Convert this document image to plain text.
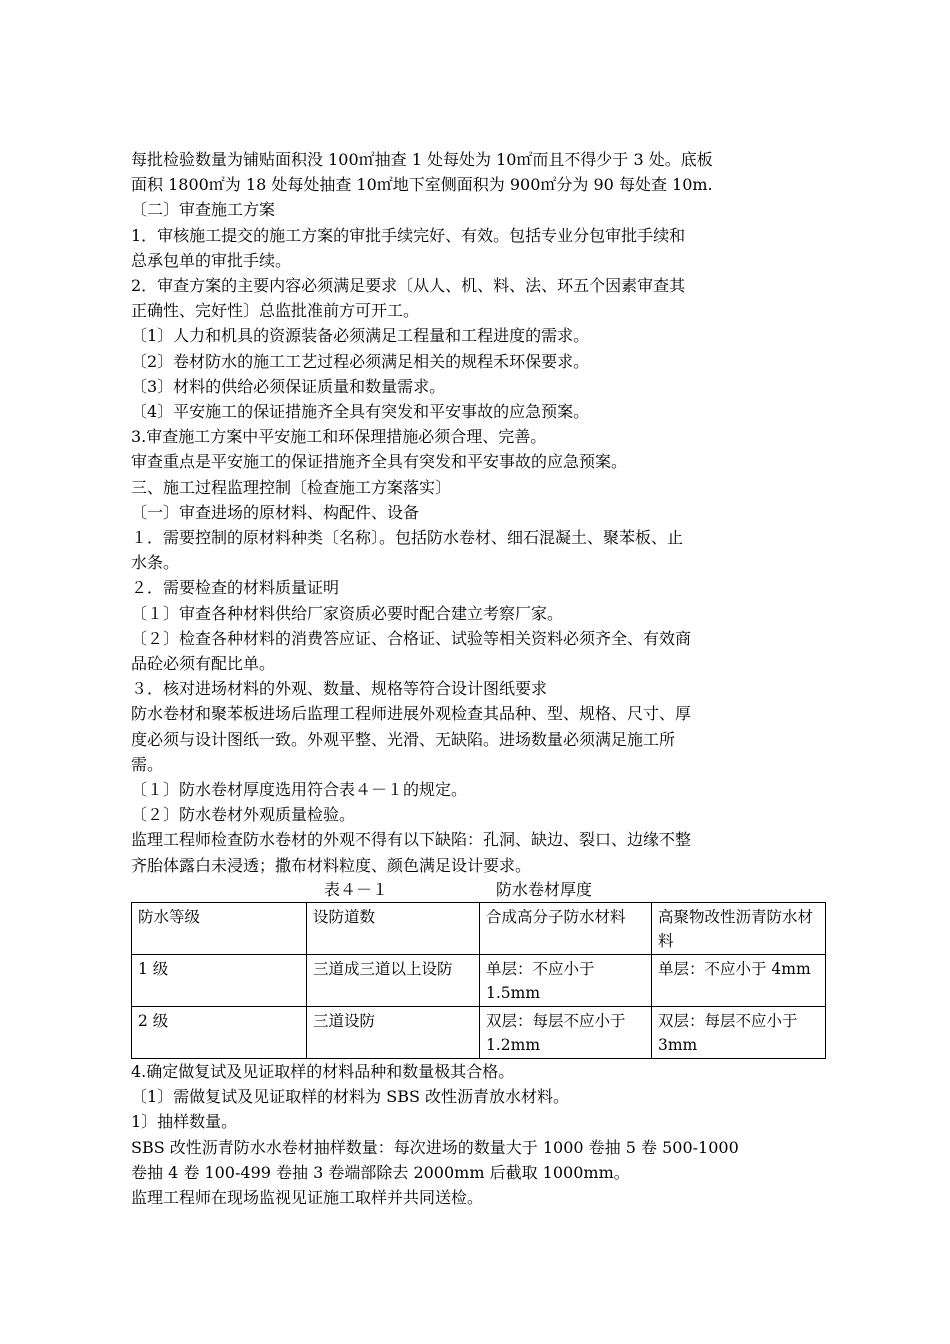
每批检验数量为铺贴面积没 100㎡抽查 1 处每处为 10㎡而且不得少于 3 处。底板

面积 1800㎡为 18 处每处抽查 10㎡地下室侧面积为 900㎡分为 90 每处查 10m.

〔二〕审查施工方案

1．审核施工提交的施工方案的审批手续完好、有效。包括专业分包审批手续和

总承包单的审批手续。

2．审查方案的主要内容必须满足要求〔从人、机、料、法、环五个因素审查其

正确性、完好性〕总监批准前方可开工。

〔1〕人力和机具的资源装备必须满足工程量和工程进度的需求。

〔2〕卷材防水的施工工艺过程必须满足相关的规程禾环保要求。

〔3〕材料的供给必须保证质量和数量需求。

〔4〕平安施工的保证措施齐全具有突发和平安事故的应急预案。

3.审查施工方案中平安施工和环保理措施必须合理、完善。

审查重点是平安施工的保证措施齐全具有突发和平安事故的应急预案。

三、施工过程监理控制〔检查施工方案落实〕

〔一〕审查进场的原材料、构配件、设备

１．需要控制的原材料种类〔名称〕。包括防水卷材、细石混凝土、聚苯板、止

水条。

２．需要检查的材料质量证明

〔１〕审查各种材料供给厂家资质必要时配合建立考察厂家。

〔２〕检查各种材料的消费答应证、合格证、试验等相关资料必须齐全、有效商

品砼必须有配比单。

３．核对进场材料的外观、数量、规格等符合设计图纸要求

防水卷材和聚苯板进场后监理工程师进展外观检查其品种、型、规格、尺寸、厚

度必须与设计图纸一致。外观平整、光滑、无缺陷。进场数量必须满足施工所

需。

〔１〕防水卷材厚度选用符合表４－１的规定。

〔２〕防水卷材外观质量检验。

监理工程师检查防水卷材的外观不得有以下缺陷：孔洞、缺边、裂口、边缘不整

齐胎体露白未浸透；撒布材料粒度、颜色满足设计要求。

表４－１	防水卷材厚度
防水等级	设防道数	合成高分子防水材料	高聚物改性沥青防水材料
1 级	三道成三道以上设防	单层：不应小于 1.5mm	单层：不应小于 4mm
2 级	三道设防	双层：每层不应小于 1.2mm	双层：每层不应小于 3mm

4.确定做复试及见证取样的材料品种和数量极其合格。

〔1〕需做复试及见证取样的材料为 SBS 改性沥青放水材料。

1〕抽样数量。

SBS 改性沥青防水水卷材抽样数量：每次进场的数量大于 1000 卷抽 5 卷 500-1000

卷抽 4 卷 100-499 卷抽 3 卷端部除去 2000mm 后截取 1000mm。

监理工程师在现场监视见证施工取样并共同送检。
